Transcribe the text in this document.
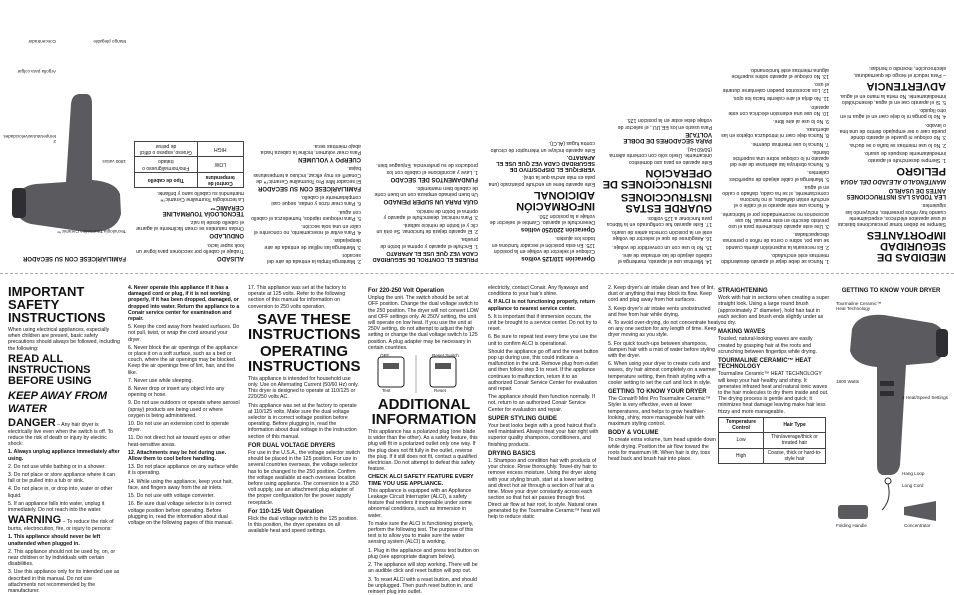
MEDIDAS DE SEGURIDAD IMPORTANTES

Siempre se deben tomar precauciones básicas al usar aparatos eléctricos, especialmente cuando hay niños presentes, incluyendo las siguientes:

LEA TODAS LAS INSTRUCCIONES ANTES DE USARLO
MANTÉNGALO ALEJADO DEL AGUA
PELIGRO

1. Siempre desenchufe el aparato inmediatamente después de usarlo.

2. No lo use mientras se baña o se ducha.

3. No coloque ni guarde el aparato donde pueda caer o ser empujado dentro de una tina o lavabo.

4. No lo ponga ni lo deje caer en el agua ni en otro líquido.

5. Si el aparato cae en el agua, desenchúfelo inmediatamente. No meta la mano en el agua.

ADVERTENCIA

– Para reducir el riesgo de quemaduras, electrocución, incendio o heridas:

1. Nunca se debe dejar el aparato desatendido mientras esté enchufado.

2. Es necesaria la supervisión atenta cuando se usa por, sobre o cerca de niños o personas discapacitadas.

3. Use este aparato únicamente para el uso previsto descrito en este manual. No use accesorios no recomendados por el fabricante.

4. Nunca use este aparato si el cable o el enchufe están dañados, si no funciona correctamente, si se ha caído, dañado o caído en el agua.

5. Mantenga el cable alejado de superficies calientes.

6. Nunca obstruya las aberturas de aire del aparato ni lo coloque sobre una superficie blanda.

7. Nunca lo use mientras duerme.

8. Nunca deje caer ni introduzca objetos en las aberturas.

9. No lo use al aire libre.

10. No use una extensión eléctrica con este aparato.

11. No dirija el aire caliente hacia los ojos.

12. Los accesorios pueden calentarse durante el uso.

13. No coloque el aparato sobre superficie alguna mientras esté funcionando.

14. Mientras use el aparato, mantenga el cabello alejado de las entradas de aire.

15. No lo use con un convertidor de voltaje.

16. Asegúrese de que el selector de voltaje esté en la posición correcta antes de usarlo.

17. Este aparato fue configurado en la fábrica para funcionar a 125 voltios.

GUARDE ESTAS INSTRUCCIONES
INSTRUCCIONES DE OPERACIÓN

Este aparato es para uso doméstico únicamente. Úselo sólo con corriente alterna (50/60 Hz).

PARA SECADORES DE DOBLE VOLTAJE

Para usarlo en los EE.UU., el selector de voltaje debe estar en la posición 125.

Operación 110/125 voltios

Coloque el selector de voltaje en la posición 125. En esta posición el secador funciona en todos los ajustes.

Operación 220/250 voltios

Desenchufe el aparato. Cambie el selector de voltaje a la posición 250.

INFORMACIÓN ADICIONAL

Este aparato tiene un enchufe polarizado (una pata es más ancha que la otra).

VERIFIQUE EL DISPOSITIVO DE SEGURIDAD CADA VEZ QUE USE EL APARATO.

Este aparato incluye un interruptor de circuito contra fugas (ALCI).

PRUEBE EL CONTROL DE SEGURIDAD CADA VEZ QUE USE EL APARATO

1. Enchufe el aparato y oprima el botón de prueba.

2. El aparato dejará de funcionar. Se oirá un clic y el botón de reinicio saltará.

3. Para reiniciar, desenchufe el aparato y oprima el botón de reinicio.

GUÍA PARA UN SUPER PEINADO

Un buen peinado empieza con un buen corte de cabello bien mantenido.

FUNDAMENTOS DEL SECADO

1. Lave y acondicione el cabello con los productos de su preferencia. Enjuague bien.

2. Mantenga limpia la entrada de aire del secador.

3. Mantenga las rejillas de entrada de aire despejadas.

4. Para evitar el resecamiento, no concentre el calor en una sola sección.

5. Para retoques rápidos, humedezca el cabello con agua.

6. Para crear rizos y ondas, seque casi completamente el cabello.

FAMILIARÍCESE CON SU SECADOR

El secador Mini Pro Tourmaline Ceramic™ de Conair® es muy eficaz, incluso a temperaturas bajas.

CUERPO Y VOLUMEN

Para crear volumen, incline la cabeza hacia abajo mientras seca.

ALISADO

Trabaje el cabello por secciones para lograr un look super lacio.

ONDULADO

Ondas naturales se crean fácilmente al agarrar el cabello desde la raíz.

TECNOLOGÍA TOURMALINE CERAMIC™

La tecnología Tourmaline Ceramic™ mantendrá su cabello sano y brillante.

Control de temperatura	Tipo de cabello
LOW	Fino/normal/grueso o tratado
HIGH	Grueso, espeso o difícil de peinar
FAMILIARÍCESE CON SU SECADOR
Tecnología Tourmaline Ceramic™
1800 vatios
2 temperaturas/velocidades
Argolla para colgar
Mango plegable
Concentrador
IMPORTANT SAFETY INSTRUCTIONS

When using electrical appliances, especially when children are present, basic safety precautions should always be followed, including the following:

READ ALL INSTRUCTIONS BEFORE USING
KEEP AWAY FROM WATER

DANGER – Any hair dryer is electrically live even when the switch is off. To reduce the risk of death or injury by electric shock:

1. Always unplug appliance immediately after using.

2. Do not use while bathing or in a shower.

3. Do not place or store appliance where it can fall or be pulled into a tub or sink.

4. Do not place in, or drop into, water or other liquid.

5. If an appliance falls into water, unplug it immediately. Do not reach into the water.

WARNING – To reduce the risk of burns, electrocution, fire, or injury to persons:

1. This appliance should never be left unattended when plugged in.

2. This appliance should not be used by, on, or near children or by individuals with certain disabilities.

3. Use this appliance only for its intended use as described in this manual. Do not use attachments not recommended by the manufacturer.

4. Never operate this appliance if it has a damaged cord or plug, if it is not working properly, if it has been dropped, damaged, or dropped into water. Return the appliance to a Conair service center for examination and repair.

5. Keep the cord away from heated surfaces. Do not pull, twist, or wrap the cord around your dryer.

6. Never block the air openings of the appliance or place it on a soft surface, such as a bed or couch, where the air openings may be blocked. Keep the air openings free of lint, hair, and the like.

7. Never use while sleeping.

8. Never drop or insert any object into any opening or hose.

9. Do not use outdoors or operate where aerosol (spray) products are being used or where oxygen is being administered.

10. Do not use an extension cord to operate dryer.

11. Do not direct hot air toward eyes or other heat-sensitive areas.

12. Attachments may be hot during use. Allow them to cool before handling.

13. Do not place appliance on any surface while it is operating.

14. While using the appliance, keep your hair, face, and fingers away from the air inlets.

15. Do not use with voltage converter.

16. Be sure dual voltage selector is in correct voltage position before operating. Before plugging in, read the information about dual voltage on the following pages of this manual.

17. This appliance was set at the factory to operate at 125 volts. Refer to the following section of this manual for information on conversion to 250 volts operation.

SAVE THESE INSTRUCTIONS
OPERATING INSTRUCTIONS

This appliance is intended for household use only. Use on Alternating Current (50/60 Hz) only. This dryer is designed to operate at 110/125 or 220/250 volts AC.

This appliance was set at the factory to operate at 110/125 volts. Make sure the dual voltage selector is in correct voltage position before operating. Before plugging in, read the information about dual voltage in the instruction section of this manual.

FOR DUAL VOLTAGE DRYERS

For use in the U.S.A., the voltage selector switch should be placed in the 125 position. For use in several countries overseas, the voltage selector has to be changed to the 250 position. Confirm the voltage available at each overseas location before using appliance. The conversion to a 250 volt supply, use an attachment plug adapter of the proper configuration for the power supply receptacle.

For 110-125 Volt Operation

Flick the dual voltage switch to the 125 position. In this position, the dryer operates on all available heat and speed settings.

For 220-250 Volt Operation

Unplug the unit. The switch should be set at OFF position. Change the dual voltage switch to the 250 position. The dryer will not convert LOW and OFF settings only. At 250V setting, the unit will operate on low heat. If you use the unit at 250V setting, do not attempt to adjust the high setting or change the dual voltage switch to 125 position. A plug adapter may be necessary in certain countries.

OFF	Reset Switch
Test	Reset
ADDITIONAL INFORMATION

This appliance has a polarized plug (one blade is wider than the other). As a safety feature, this plug will fit in a polarized outlet only one way. If the plug does not fit fully in the outlet, reverse the plug. If it still does not fit, contact a qualified electrician. Do not attempt to defeat this safety feature.

CHECK ALCI SAFETY FEATURE EVERY TIME YOU USE APPLIANCE.

This appliance is equipped with an Appliance Leakage Circuit Interrupter (ALCI), a safety feature that renders it inoperable under some abnormal conditions, such as immersion in water.

To make sure the ALCI is functioning properly, perform the following test. The purpose of this test is to allow you to make sure the water sensing system (ALCI) is working.

1. Plug in the appliance and press test button on plug (see appropriate diagram below).

2. The appliance will stop working. There will be an audible click and reset button will pop out.

3. To reset ALCI with a reset button, and should be unplugged. Then push reset button in, and reinsert plug into outlet.

electricity, contact Conair. Any flyaways and conditions to your hair's shine.

4. If ALCI is not functioning properly, return appliance to nearest service center.

5. It is important that if immersion occurs, the unit be brought to a service center. Do not try to reset.

6. Be sure to repeat test every time you use the unit to confirm ALCI is operational.

Should the appliance go off and the reset button pop up during use, this could indicate a malfunction in the unit. Remove plug from outlet and then follow step 3 to reset. If the appliance continues to malfunction, return it to an authorized Conair Service Center for evaluation and repair.

The appliance should then function normally. If not, return to an authorized Conair Service Center for evaluation and repair.

SUPER STYLING GUIDE

Your best looks begin with a good haircut that's well maintained. Always treat your hair right with superior quality shampoos, conditioners, and finishing products.

DRYING BASICS

1. Shampoo and condition hair with products of your choice. Rinse thoroughly. Towel-dry hair to remove excess moisture. Using the dryer along with your styling brush, start at a lower setting and direct hot air through a section of hair at a time. Move your dryer constantly across each section so that hot air passes through first. Direct air flow at hair root, to style. Natural ones generated by the Tourmaline Ceramic™ heat will help to reduce static

2. Keep dryer's air intake clean and free of lint, dust or anything that may block its flow. Keep cord and plug away from hot surfaces.

3. Keep dryer's air intake vents unobstructed and free from hair while drying.

4. To avoid over-drying, do not concentrate heat on any one section for any length of time. Keep dryer moving as you style.

5. For quick touch-ups between shampoos, dampen hair with a mist of water before styling with the dryer.

6. When using your dryer to create curls and waves, dry hair almost completely on a warmer temperature setting, then finish styling with a cooler setting to set the curl and lock in style.

GETTING TO KNOW YOUR DRYER

The Conair® Mini Pro Tourmaline Ceramic™ Styler is very effective, even at lower temperatures, and helps to grow healthier-looking, shiny, more manageable hair with maximum styling control.

BODY & VOLUME

To create extra volume, turn head upside down while drying. Position the air flow toward the roots for maximum lift. When hair is dry, toss head back and brush hair into place.

STRAIGHTENING

Work with hair in sections when creating a super straight look. Using a large round brush (approximately 2" diameter), hold hair taut in each section and brush ends slightly under as you dry.

MAKING WAVES

Tousled, natural-looking waves are easily created by grasping hair at the roots and scrunching between fingertips while drying.

TOURMALINE CERAMIC™ HEAT TECHNOLOGY

Tourmaline Ceramic™ HEAT TECHNOLOGY will keep your hair healthy and shiny. It generates infrared heat and natural ionic waves to the hair molecules to dry them inside and out. The drying process is gentle and quick; it minimizes heat damage leaving make hair less frizzy and more manageable.

Temperature Control	Hair Type
Low	Thin/average/thick or treated hair
High	Coarse, thick or hard-to-style hair
GETTING TO KNOW YOUR DRYER
Tourmaline Ceramic™ Heat Technology
1800 Watts
2 Heat/Speed Settings
Hang Loop
Long Cord
Folding Handle	Concentrator
